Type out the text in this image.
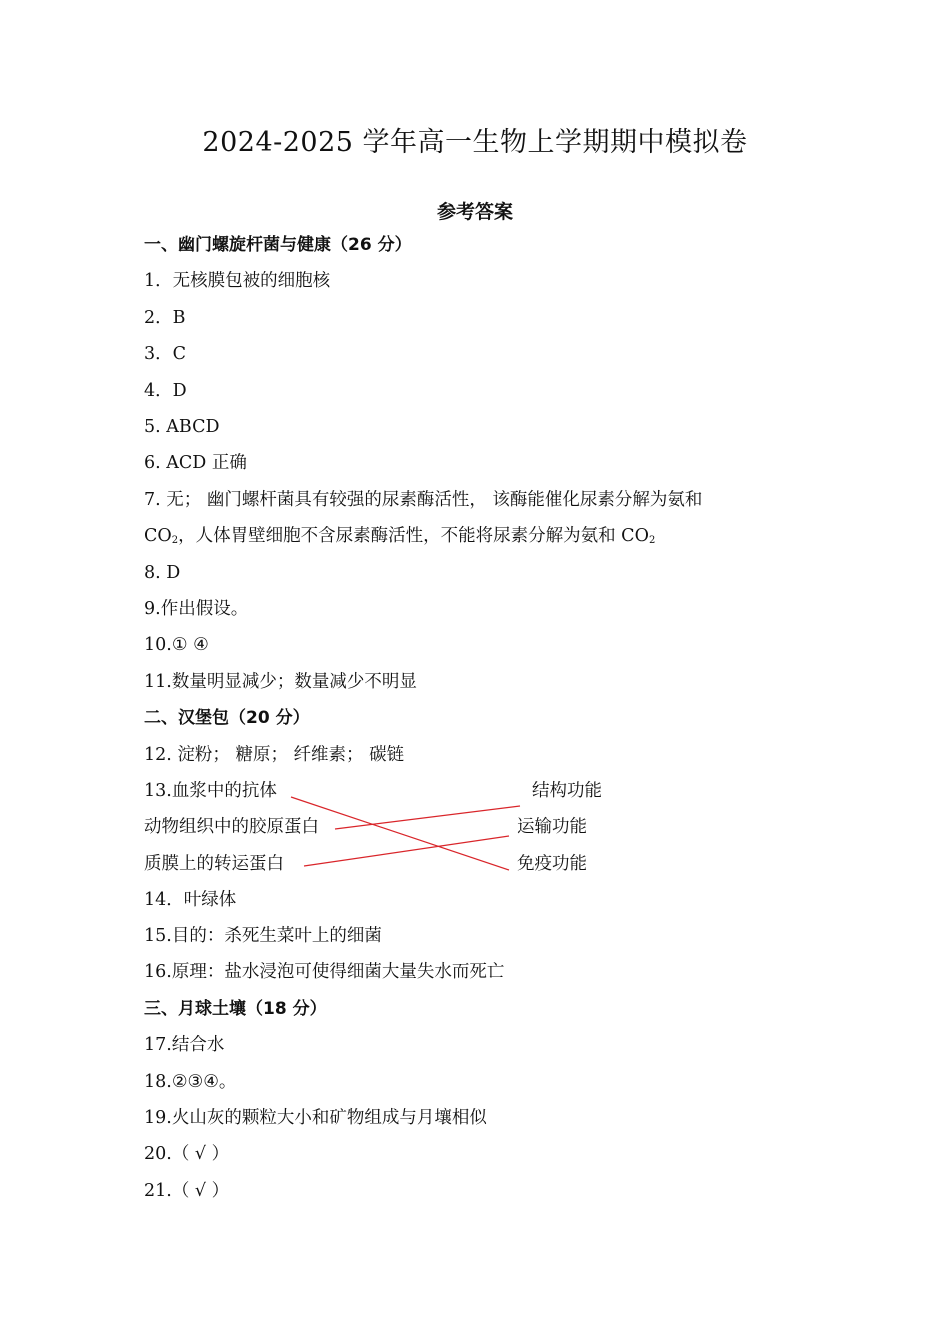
2024-2025 学年高一生物上学期期中模拟卷
参考答案
一、幽门螺旋杆菌与健康（26 分）
1．无核膜包被的细胞核
2．B
3．C
4．D
5. ABCD
6. ACD 正确
7. 无； 幽门螺杆菌具有较强的尿素酶活性， 该酶能催化尿素分解为氨和
$CO_2$，人体胃壁细胞不含尿素酶活性，不能将尿素分解为氨和 $CO_2$
8. D
9.作出假设。
10.① ④
11.数量明显减少；数量减少不明显
二、汉堡包（20 分）
12. 淀粉； 糖原； 纤维素； 碳链
13.血浆中的抗体
动物组织中的胶原蛋白
质膜上的转运蛋白
结构功能
运输功能
免疫功能
14．叶绿体
15.目的：杀死生菜叶上的细菌
16.原理：盐水浸泡可使得细菌大量失水而死亡
三、月球土壤（18 分）
17.结合水
18.②③④。
19.火山灰的颗粒大小和矿物组成与月壤相似
20.（ √ ）
21.（ √ ）
